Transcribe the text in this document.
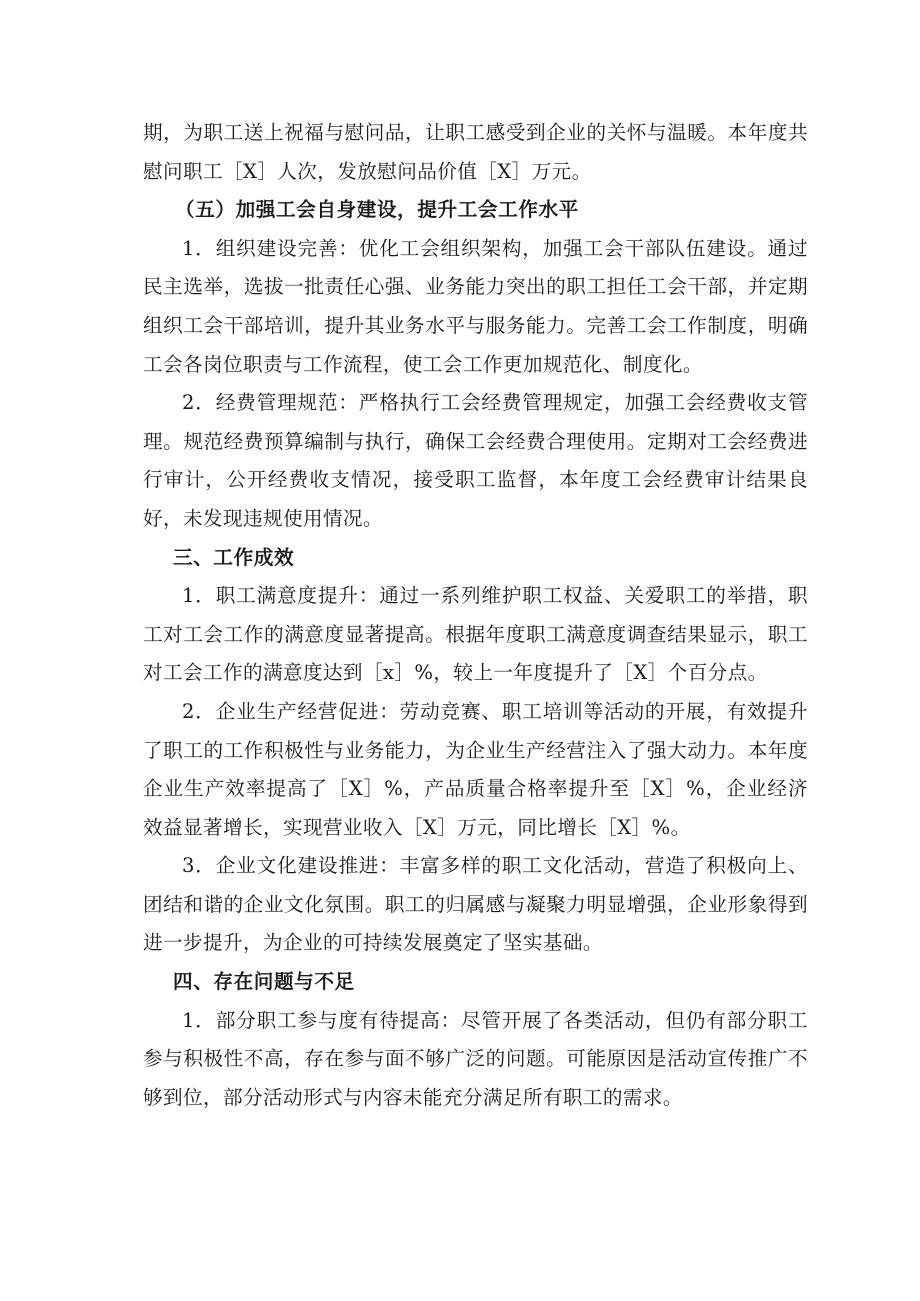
期，为职工送上祝福与慰问品，让职工感受到企业的关怀与温暖。本年度共慰问职工［X］人次，发放慰问品价值［X］万元。

（五）加强工会自身建设，提升工会工作水平

1．组织建设完善：优化工会组织架构，加强工会干部队伍建设。通过民主选举，选拔一批责任心强、业务能力突出的职工担任工会干部，并定期组织工会干部培训，提升其业务水平与服务能力。完善工会工作制度，明确工会各岗位职责与工作流程，使工会工作更加规范化、制度化。

2．经费管理规范：严格执行工会经费管理规定，加强工会经费收支管理。规范经费预算编制与执行，确保工会经费合理使用。定期对工会经费进行审计，公开经费收支情况，接受职工监督，本年度工会经费审计结果良好，未发现违规使用情况。

三、工作成效

1．职工满意度提升：通过一系列维护职工权益、关爱职工的举措，职工对工会工作的满意度显著提高。根据年度职工满意度调查结果显示，职工对工会工作的满意度达到［x］%，较上一年度提升了［X］个百分点。

2．企业生产经营促进：劳动竞赛、职工培训等活动的开展，有效提升了职工的工作积极性与业务能力，为企业生产经营注入了强大动力。本年度企业生产效率提高了［X］%，产品质量合格率提升至［X］%，企业经济效益显著增长，实现营业收入［X］万元，同比增长［X］%。

3．企业文化建设推进：丰富多样的职工文化活动，营造了积极向上、团结和谐的企业文化氛围。职工的归属感与凝聚力明显增强，企业形象得到进一步提升，为企业的可持续发展奠定了坚实基础。

四、存在问题与不足

1．部分职工参与度有待提高：尽管开展了各类活动，但仍有部分职工参与积极性不高，存在参与面不够广泛的问题。可能原因是活动宣传推广不够到位，部分活动形式与内容未能充分满足所有职工的需求。
